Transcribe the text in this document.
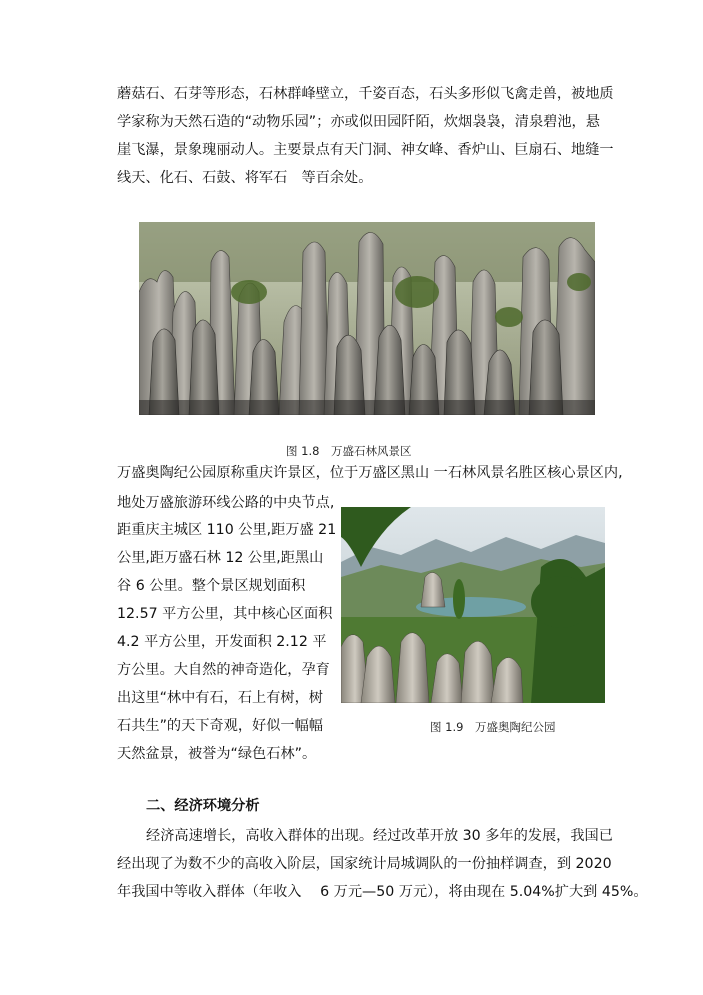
蘑菇石、石芽等形态，石林群峰壁立，千姿百态，石头多形似飞禽走兽，被地质
学家称为天然石造的“动物乐园”；亦或似田园阡陌，炊烟袅袅，清泉碧池，悬
崖飞瀑，景象瑰丽动人。主要景点有天门洞、神女峰、香炉山、巨扇石、地缝一
线天、化石、石鼓、将军石　等百余处。
图 1.8　万盛石林风景区
万盛奥陶纪公园原称重庆许景区，位于万盛区黑山 一石林风景名胜区核心景区内,
地处万盛旅游环线公路的中央节点,
距重庆主城区 110 公里,距万盛 21
公里,距万盛石林 12 公里,距黑山
谷 6 公里。整个景区规划面积
12.57 平方公里，其中核心区面积
4.2 平方公里，开发面积 2.12 平
方公里。大自然的神奇造化，孕育
出这里“林中有石，石上有树，树
石共生”的天下奇观，好似一幅幅
天然盆景，被誉为“绿色石林”。
图 1.9　万盛奥陶纪公园
二、经济环境分析
经济高速增长，高收入群体的出现。经过改革开放 30 多年的发展，我国已
经出现了为数不少的高收入阶层，国家统计局城调队的一份抽样调查，到 2020
年我国中等收入群体（年收入　 6 万元—50 万元），将由现在 5.04%扩大到 45%。
